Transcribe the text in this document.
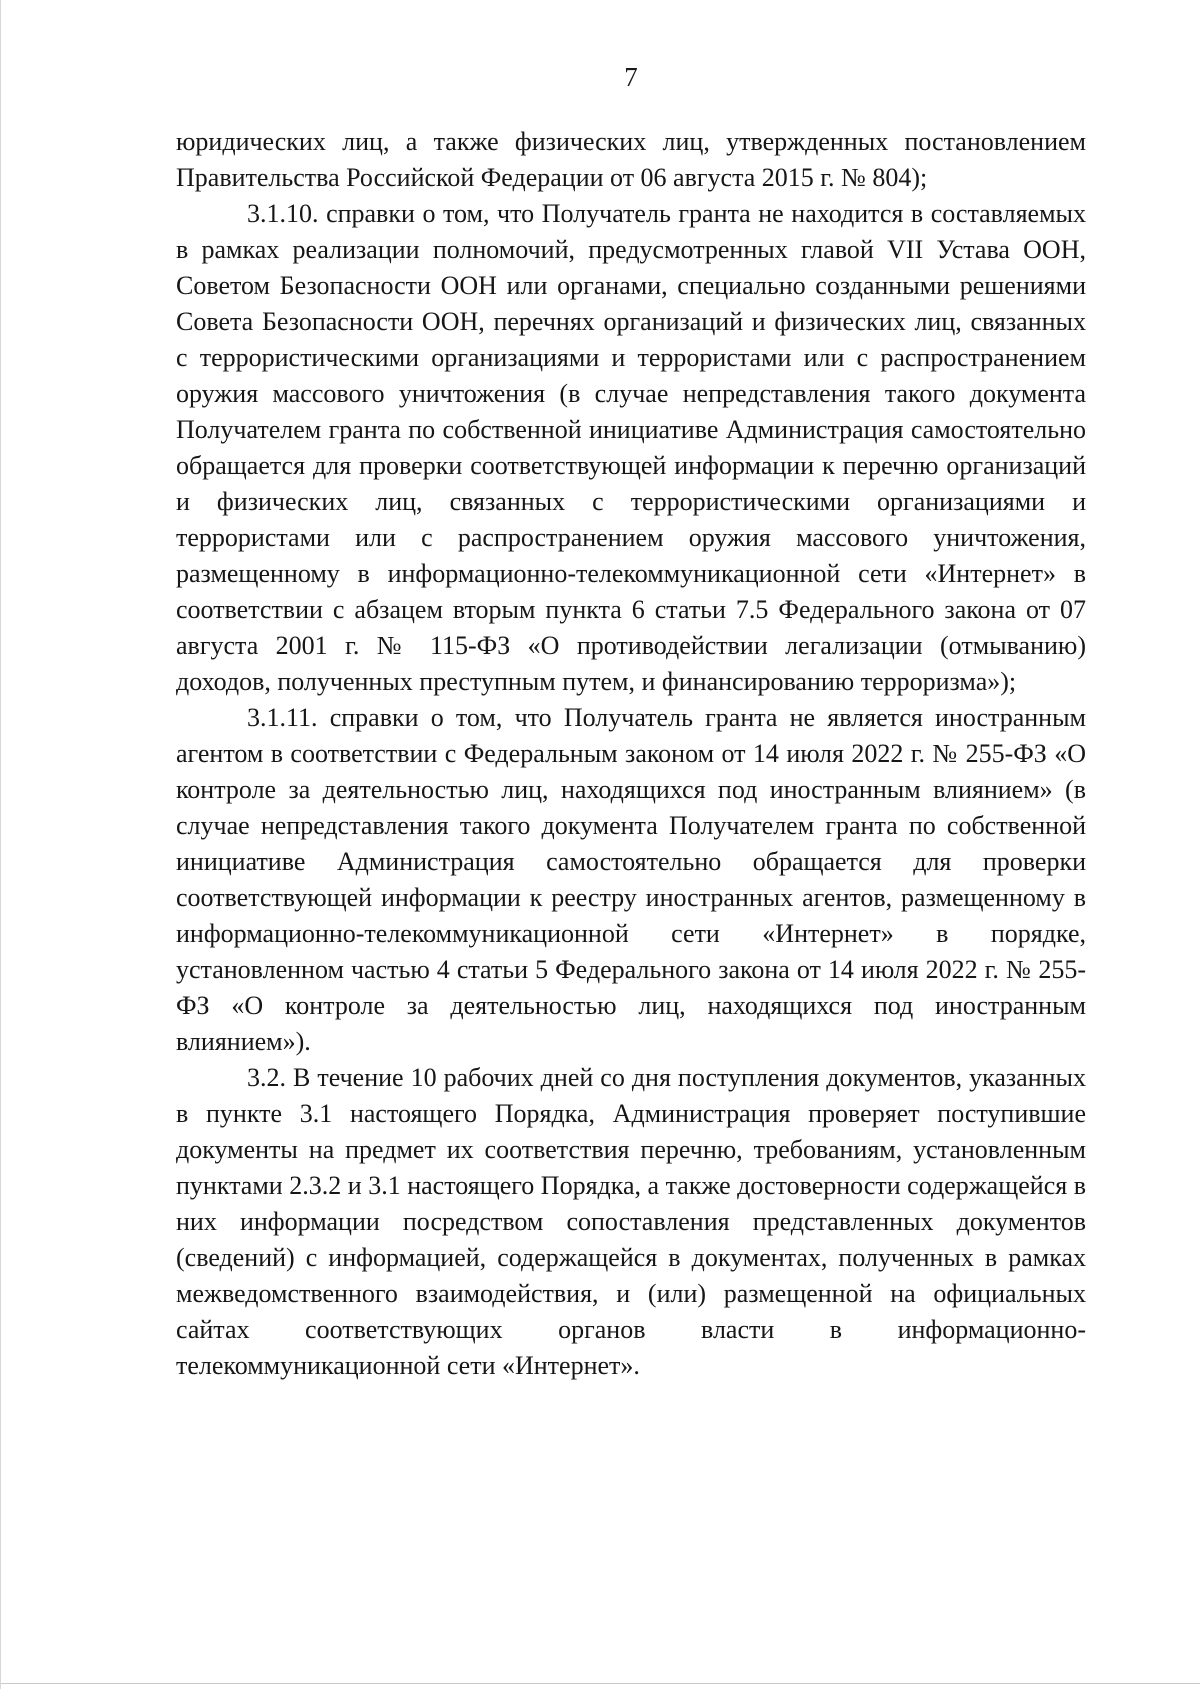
7

юридических лиц, а также физических лиц, утвержденных постановлением Правительства Российской Федерации от 06 августа 2015 г. № 804);

3.1.10. справки о том, что Получатель гранта не находится в составляемых в рамках реализации полномочий, предусмотренных главой VII Устава ООН, Советом Безопасности ООН или органами, специально созданными решениями Совета Безопасности ООН, перечнях организаций и физических лиц, связанных с террористическими организациями и террористами или с распространением оружия массового уничтожения (в случае непредставления такого документа Получателем гранта по собственной инициативе Администрация самостоятельно обращается для проверки соответствующей информации к перечню организаций и физических лиц, связанных с террористическими организациями и террористами или с распространением оружия массового уничтожения, размещенному в информационно-телекоммуникационной сети «Интернет» в соответствии с абзацем вторым пункта 6 статьи 7.5 Федерального закона от 07 августа 2001 г. № 115-ФЗ «О противодействии легализации (отмыванию) доходов, полученных преступным путем, и финансированию терроризма»);

3.1.11. справки о том, что Получатель гранта не является иностранным агентом в соответствии с Федеральным законом от 14 июля 2022 г. № 255-ФЗ «О контроле за деятельностью лиц, находящихся под иностранным влиянием» (в случае непредставления такого документа Получателем гранта по собственной инициативе Администрация самостоятельно обращается для проверки соответствующей информации к реестру иностранных агентов, размещенному в информационно-телекоммуникационной сети «Интернет» в порядке, установленном частью 4 статьи 5 Федерального закона от 14 июля 2022 г. № 255-ФЗ «О контроле за деятельностью лиц, находящихся под иностранным влиянием»).

3.2. В течение 10 рабочих дней со дня поступления документов, указанных в пункте 3.1 настоящего Порядка, Администрация проверяет поступившие документы на предмет их соответствия перечню, требованиям, установленным пунктами 2.3.2 и 3.1 настоящего Порядка, а также достоверности содержащейся в них информации посредством сопоставления представленных документов (сведений) с информацией, содержащейся в документах, полученных в рамках межведомственного взаимодействия, и (или) размещенной на официальных сайтах соответствующих органов власти в информационно-телекоммуникационной сети «Интернет».
